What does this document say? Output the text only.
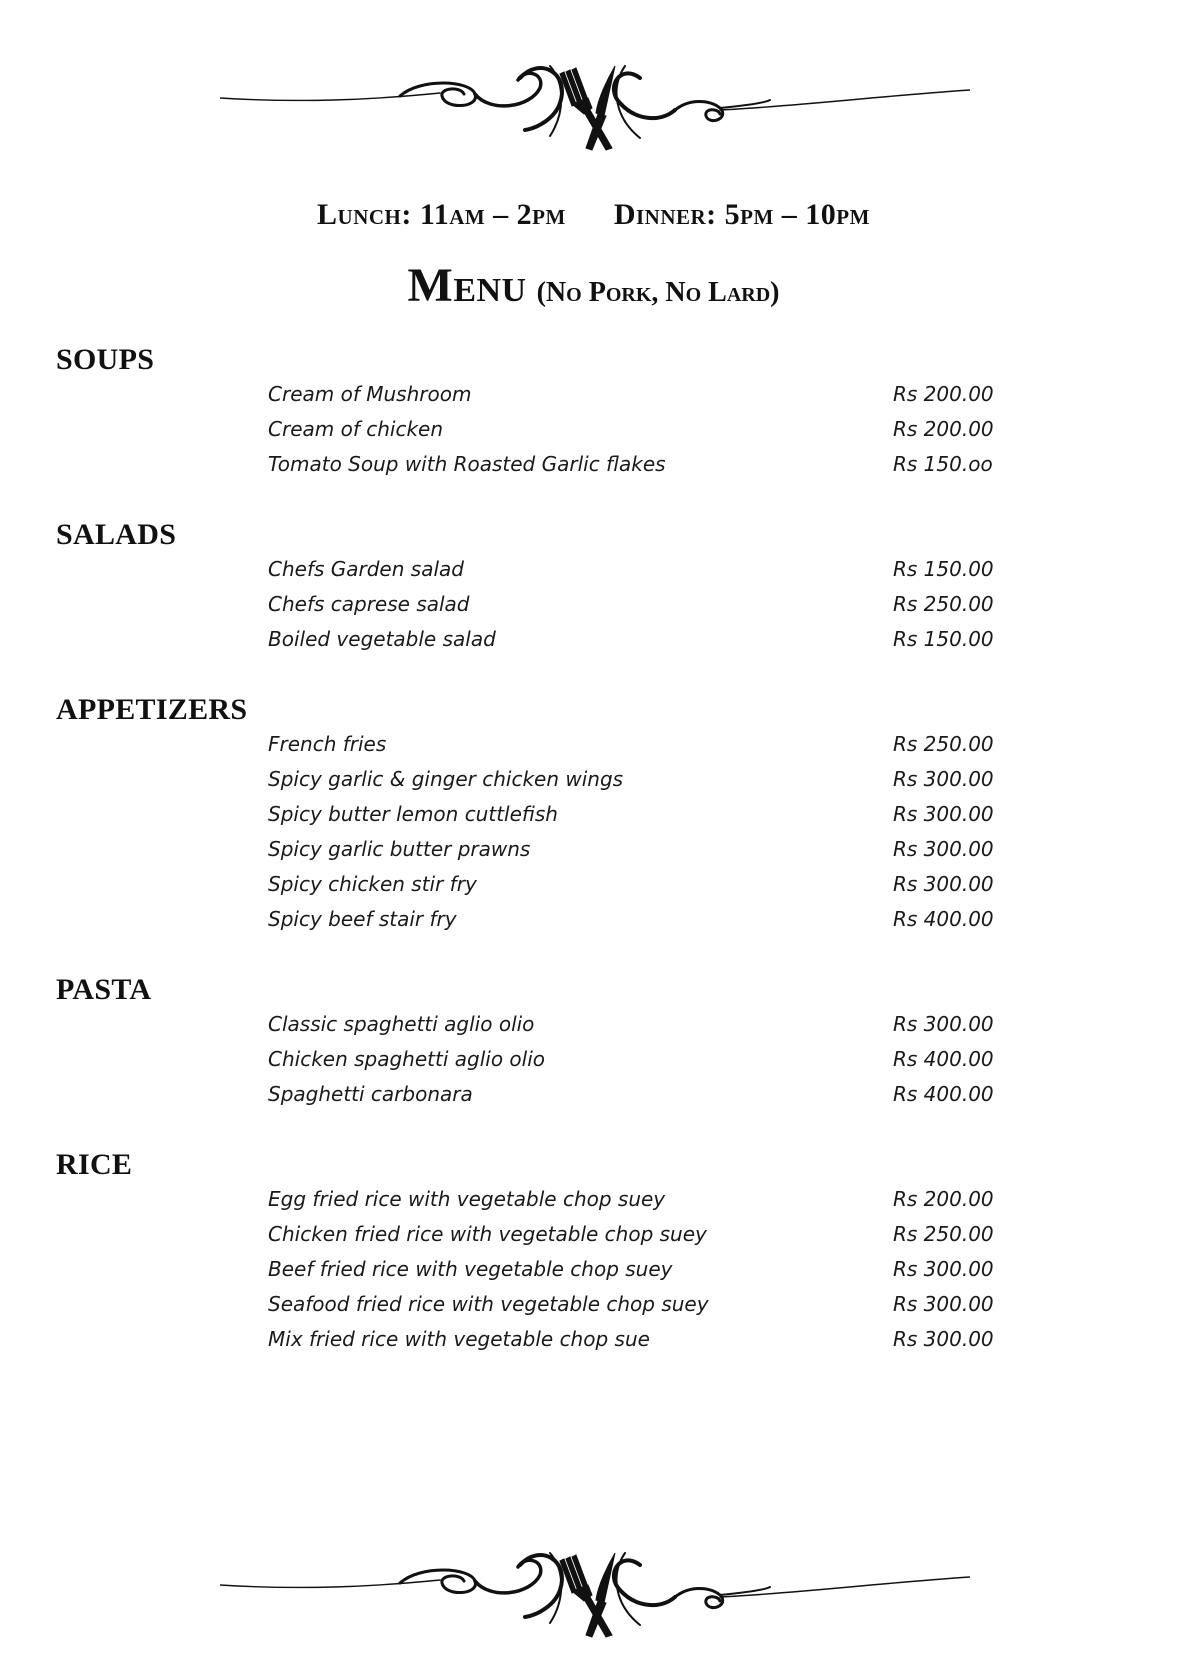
Lunch: 11am – 2pm Dinner: 5pm – 10pm
Menu (No Pork, No Lard)
SOUPS
Cream of Mushroom	Rs 200.00
Cream of chicken	Rs 200.00
Tomato Soup with Roasted Garlic flakes	Rs 150.oo
SALADS
Chefs Garden salad	Rs 150.00
Chefs caprese salad	Rs 250.00
Boiled vegetable salad	Rs 150.00
APPETIZERS
French fries	Rs 250.00
Spicy garlic & ginger chicken wings	Rs 300.00
Spicy butter lemon cuttlefish	Rs 300.00
Spicy garlic butter prawns	Rs 300.00
Spicy chicken stir fry	Rs 300.00
Spicy beef stair fry	Rs 400.00
PASTA
Classic spaghetti aglio olio	Rs 300.00
Chicken spaghetti aglio olio	Rs 400.00
Spaghetti carbonara	Rs 400.00
RICE
Egg fried rice with vegetable chop suey	Rs 200.00
Chicken fried rice with vegetable chop suey	Rs 250.00
Beef fried rice with vegetable chop suey	Rs 300.00
Seafood fried rice with vegetable chop suey	Rs 300.00
Mix fried rice with vegetable chop sue	Rs 300.00
